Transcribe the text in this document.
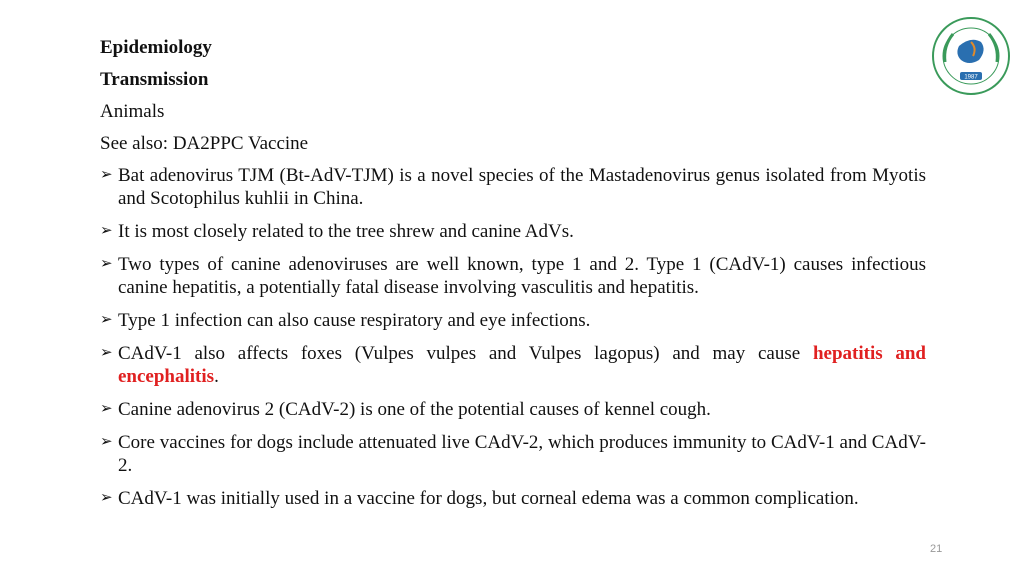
Epidemiology
Transmission
Animals
See also: DA2PPC Vaccine
➢ Bat adenovirus TJM (Bt-AdV-TJM) is a novel species of the Mastadenovirus genus isolated from Myotis and Scotophilus kuhlii in China.
➢ It is most closely related to the tree shrew and canine AdVs.
➢ Two types of canine adenoviruses are well known, type 1 and 2. Type 1 (CAdV-1) causes infectious canine hepatitis, a potentially fatal disease involving vasculitis and hepatitis.
➢ Type 1 infection can also cause respiratory and eye infections.
➢ CAdV-1 also affects foxes (Vulpes vulpes and Vulpes lagopus) and may cause hepatitis and encephalitis.
➢ Canine adenovirus 2 (CAdV-2) is one of the potential causes of kennel cough.
➢ Core vaccines for dogs include attenuated live CAdV-2, which produces immunity to CAdV-1 and CAdV-2.
➢ CAdV-1 was initially used in a vaccine for dogs, but corneal edema was a common complication.
1987
21
